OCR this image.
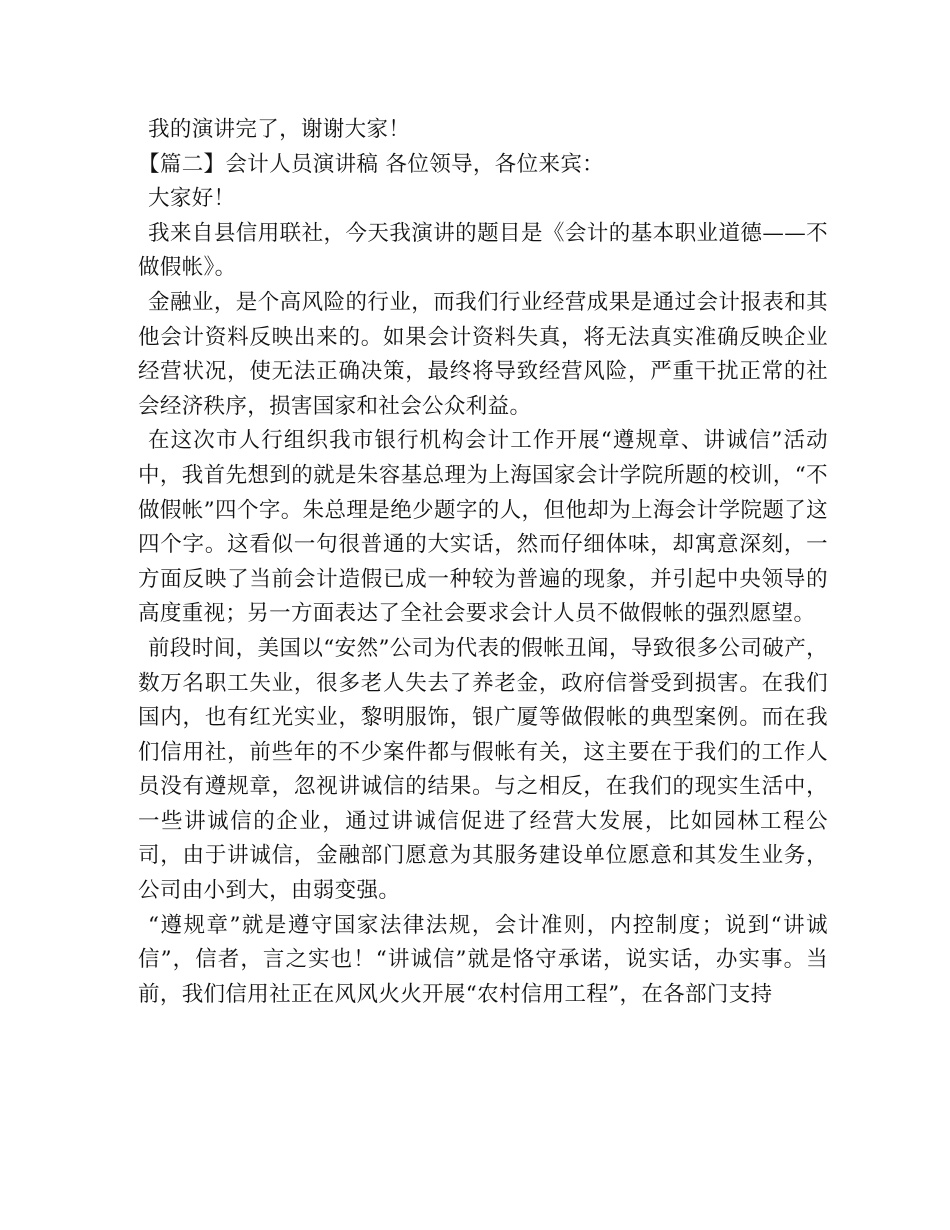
我的演讲完了，谢谢大家！

【篇二】会计人员演讲稿 各位领导，各位来宾：

大家好！

我来自县信用联社，今天我演讲的题目是《会计的基本职业道德——不做假帐》。

金融业，是个高风险的行业，而我们行业经营成果是通过会计报表和其他会计资料反映出来的。如果会计资料失真，将无法真实准确反映企业经营状况，使无法正确决策，最终将导致经营风险，严重干扰正常的社会经济秩序，损害国家和社会公众利益。

在这次市人行组织我市银行机构会计工作开展“遵规章、讲诚信”活动中，我首先想到的就是朱容基总理为上海国家会计学院所题的校训，“不做假帐”四个字。朱总理是绝少题字的人，但他却为上海会计学院题了这四个字。这看似一句很普通的大实话，然而仔细体味，却寓意深刻，一方面反映了当前会计造假已成一种较为普遍的现象，并引起中央领导的高度重视；另一方面表达了全社会要求会计人员不做假帐的强烈愿望。

前段时间，美国以“安然”公司为代表的假帐丑闻，导致很多公司破产，数万名职工失业，很多老人失去了养老金，政府信誉受到损害。在我们国内，也有红光实业，黎明服饰，银广厦等做假帐的典型案例。而在我们信用社，前些年的不少案件都与假帐有关，这主要在于我们的工作人员没有遵规章，忽视讲诚信的结果。与之相反，在我们的现实生活中，一些讲诚信的企业，通过讲诚信促进了经营大发展，比如园林工程公司，由于讲诚信，金融部门愿意为其服务建设单位愿意和其发生业务，公司由小到大，由弱变强。

“遵规章”就是遵守国家法律法规，会计准则，内控制度；说到“讲诚信”，信者，言之实也！“讲诚信”就是恪守承诺，说实话，办实事。当前，我们信用社正在风风火火开展“农村信用工程”，在各部门支持
